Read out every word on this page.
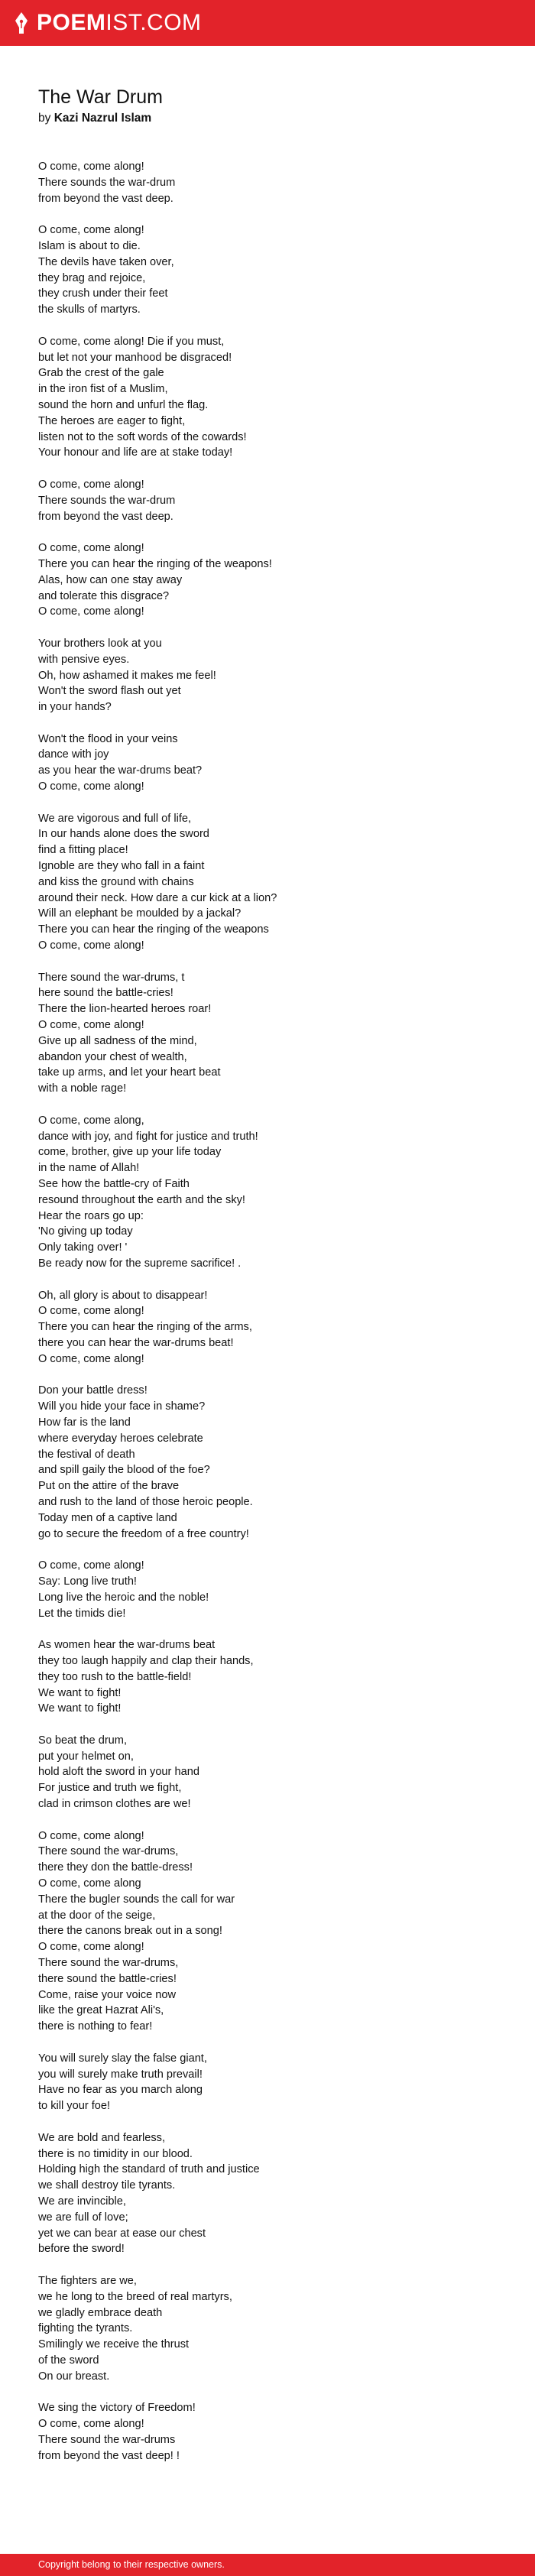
POEMIST.COM
The War Drum
by Kazi Nazrul Islam
O come, come along!
There sounds the war-drum
from beyond the vast deep.
O come, come along!
Islam is about to die.
The devils have taken over,
they brag and rejoice,
they crush under their feet
the skulls of martyrs.
O come, come along! Die if you must,
but let not your manhood be disgraced!
Grab the crest of the gale
in the iron fist of a Muslim,
sound the horn and unfurl the flag.
The heroes are eager to fight,
listen not to the soft words of the cowards!
Your honour and life are at stake today!
O come, come along!
There sounds the war-drum
from beyond the vast deep.
O come, come along!
There you can hear the ringing of the weapons!
Alas, how can one stay away
and tolerate this disgrace?
O come, come along!
Your brothers look at you
with pensive eyes.
Oh, how ashamed it makes me feel!
Won't the sword flash out yet
in your hands?
Won't the flood in your veins
dance with joy
as you hear the war-drums beat?
O come, come along!
We are vigorous and full of life,
In our hands alone does the sword
find a fitting place!
Ignoble are they who fall in a faint
and kiss the ground with chains
around their neck. How dare a cur kick at a lion?
Will an elephant be moulded by a jackal?
There you can hear the ringing of the weapons
O come, come along!
There sound the war-drums, t
here sound the battle-cries!
There the lion-hearted heroes roar!
O come, come along!
Give up all sadness of the mind,
abandon your chest of wealth,
take up arms, and let your heart beat
with a noble rage!
O come, come along,
dance with joy, and fight for justice and truth!
come, brother, give up your life today
in the name of Allah!
See how the battle-cry of Faith
resound throughout the earth and the sky!
Hear the roars go up:
'No giving up today
Only taking over! '
Be ready now for the supreme sacrifice! .
Oh, all glory is about to disappear!
O come, come along!
There you can hear the ringing of the arms,
there you can hear the war-drums beat!
O come, come along!
Don your battle dress!
Will you hide your face in shame?
How far is the land
where everyday heroes celebrate
the festival of death
and spill gaily the blood of the foe?
Put on the attire of the brave
and rush to the land of those heroic people.
Today men of a captive land
go to secure the freedom of a free country!
O come, come along!
Say: Long live truth!
Long live the heroic and the noble!
Let the timids die!
As women hear the war-drums beat
they too laugh happily and clap their hands,
they too rush to the battle-field!
We want to fight!
We want to fight!
So beat the drum,
put your helmet on,
hold aloft the sword in your hand
For justice and truth we fight,
clad in crimson clothes are we!
O come, come along!
There sound the war-drums,
there they don the battle-dress!
O come, come along
There the bugler sounds the call for war
at the door of the seige,
there the canons break out in a song!
O come, come along!
There sound the war-drums,
there sound the battle-cries!
Come, raise your voice now
like the great Hazrat Ali's,
there is nothing to fear!
You will surely slay the false giant,
you will surely make truth prevail!
Have no fear as you march along
to kill your foe!
We are bold and fearless,
there is no timidity in our blood.
Holding high the standard of truth and justice
we shall destroy tile tyrants.
We are invincible,
we are full of love;
yet we can bear at ease our chest
before the sword!
The fighters are we,
we he long to the breed of real martyrs,
we gladly embrace death
fighting the tyrants.
Smilingly we receive the thrust
of the sword
On our breast.
We sing the victory of Freedom!
O come, come along!
There sound the war-drums
from beyond the vast deep! !
Copyright belong to their respective owners.
